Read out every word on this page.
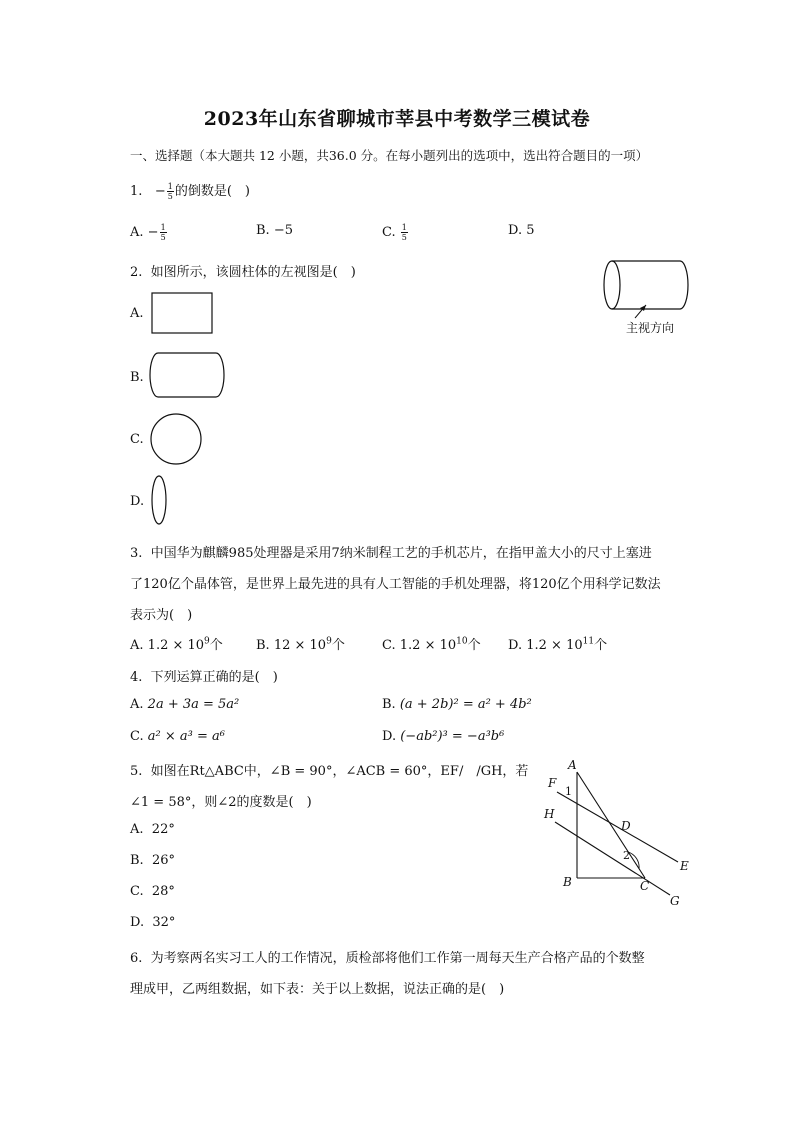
2023年山东省聊城市莘县中考数学三模试卷
一、选择题（本大题共 12 小题，共36.0 分。在每小题列出的选项中，选出符合题目的一项）
1. − $\frac{1}{5}$ 的倒数是(　)
A. − $\frac{1}{5}$	B. −5	C. $\frac{1}{5}$	D. 5
2. 如图所示，该圆柱体的左视图是(　)
主视方向
A.
B.
C.
D.
3. 中国华为麒麟985处理器是采用7纳米制程工艺的手机芯片，在指甲盖大小的尺寸上塞进
了120亿个晶体管，是世界上最先进的具有人工智能的手机处理器，将120亿个用科学记数法
表示为(　)
A. $1.2 \times 10^9$个	B. $12 \times 10^9$个	C. $1.2 \times 10^{10}$个 D. $1.2 \times 10^{11}$个
4. 下列运算正确的是(　)
A. 2a + 3a = 5a²	B. (a + 2b)² = a² + 4b²
C. a² × a³ = a⁶	D. (−ab²)³ = −a³b⁶
5. 如图在Rt△ABC中，∠B = 90°，∠ACB = 60°，EF/　/GH，若
∠1 = 58°，则∠2的度数是(　)
A. 22°
B. 26°
C. 28°
D. 32°
A
B	C
D
E
F
G
H
1
2
6. 为考察两名实习工人的工作情况，质检部将他们工作第一周每天生产合格产品的个数整
理成甲，乙两组数据，如下表：关于以上数据，说法正确的是(　)
